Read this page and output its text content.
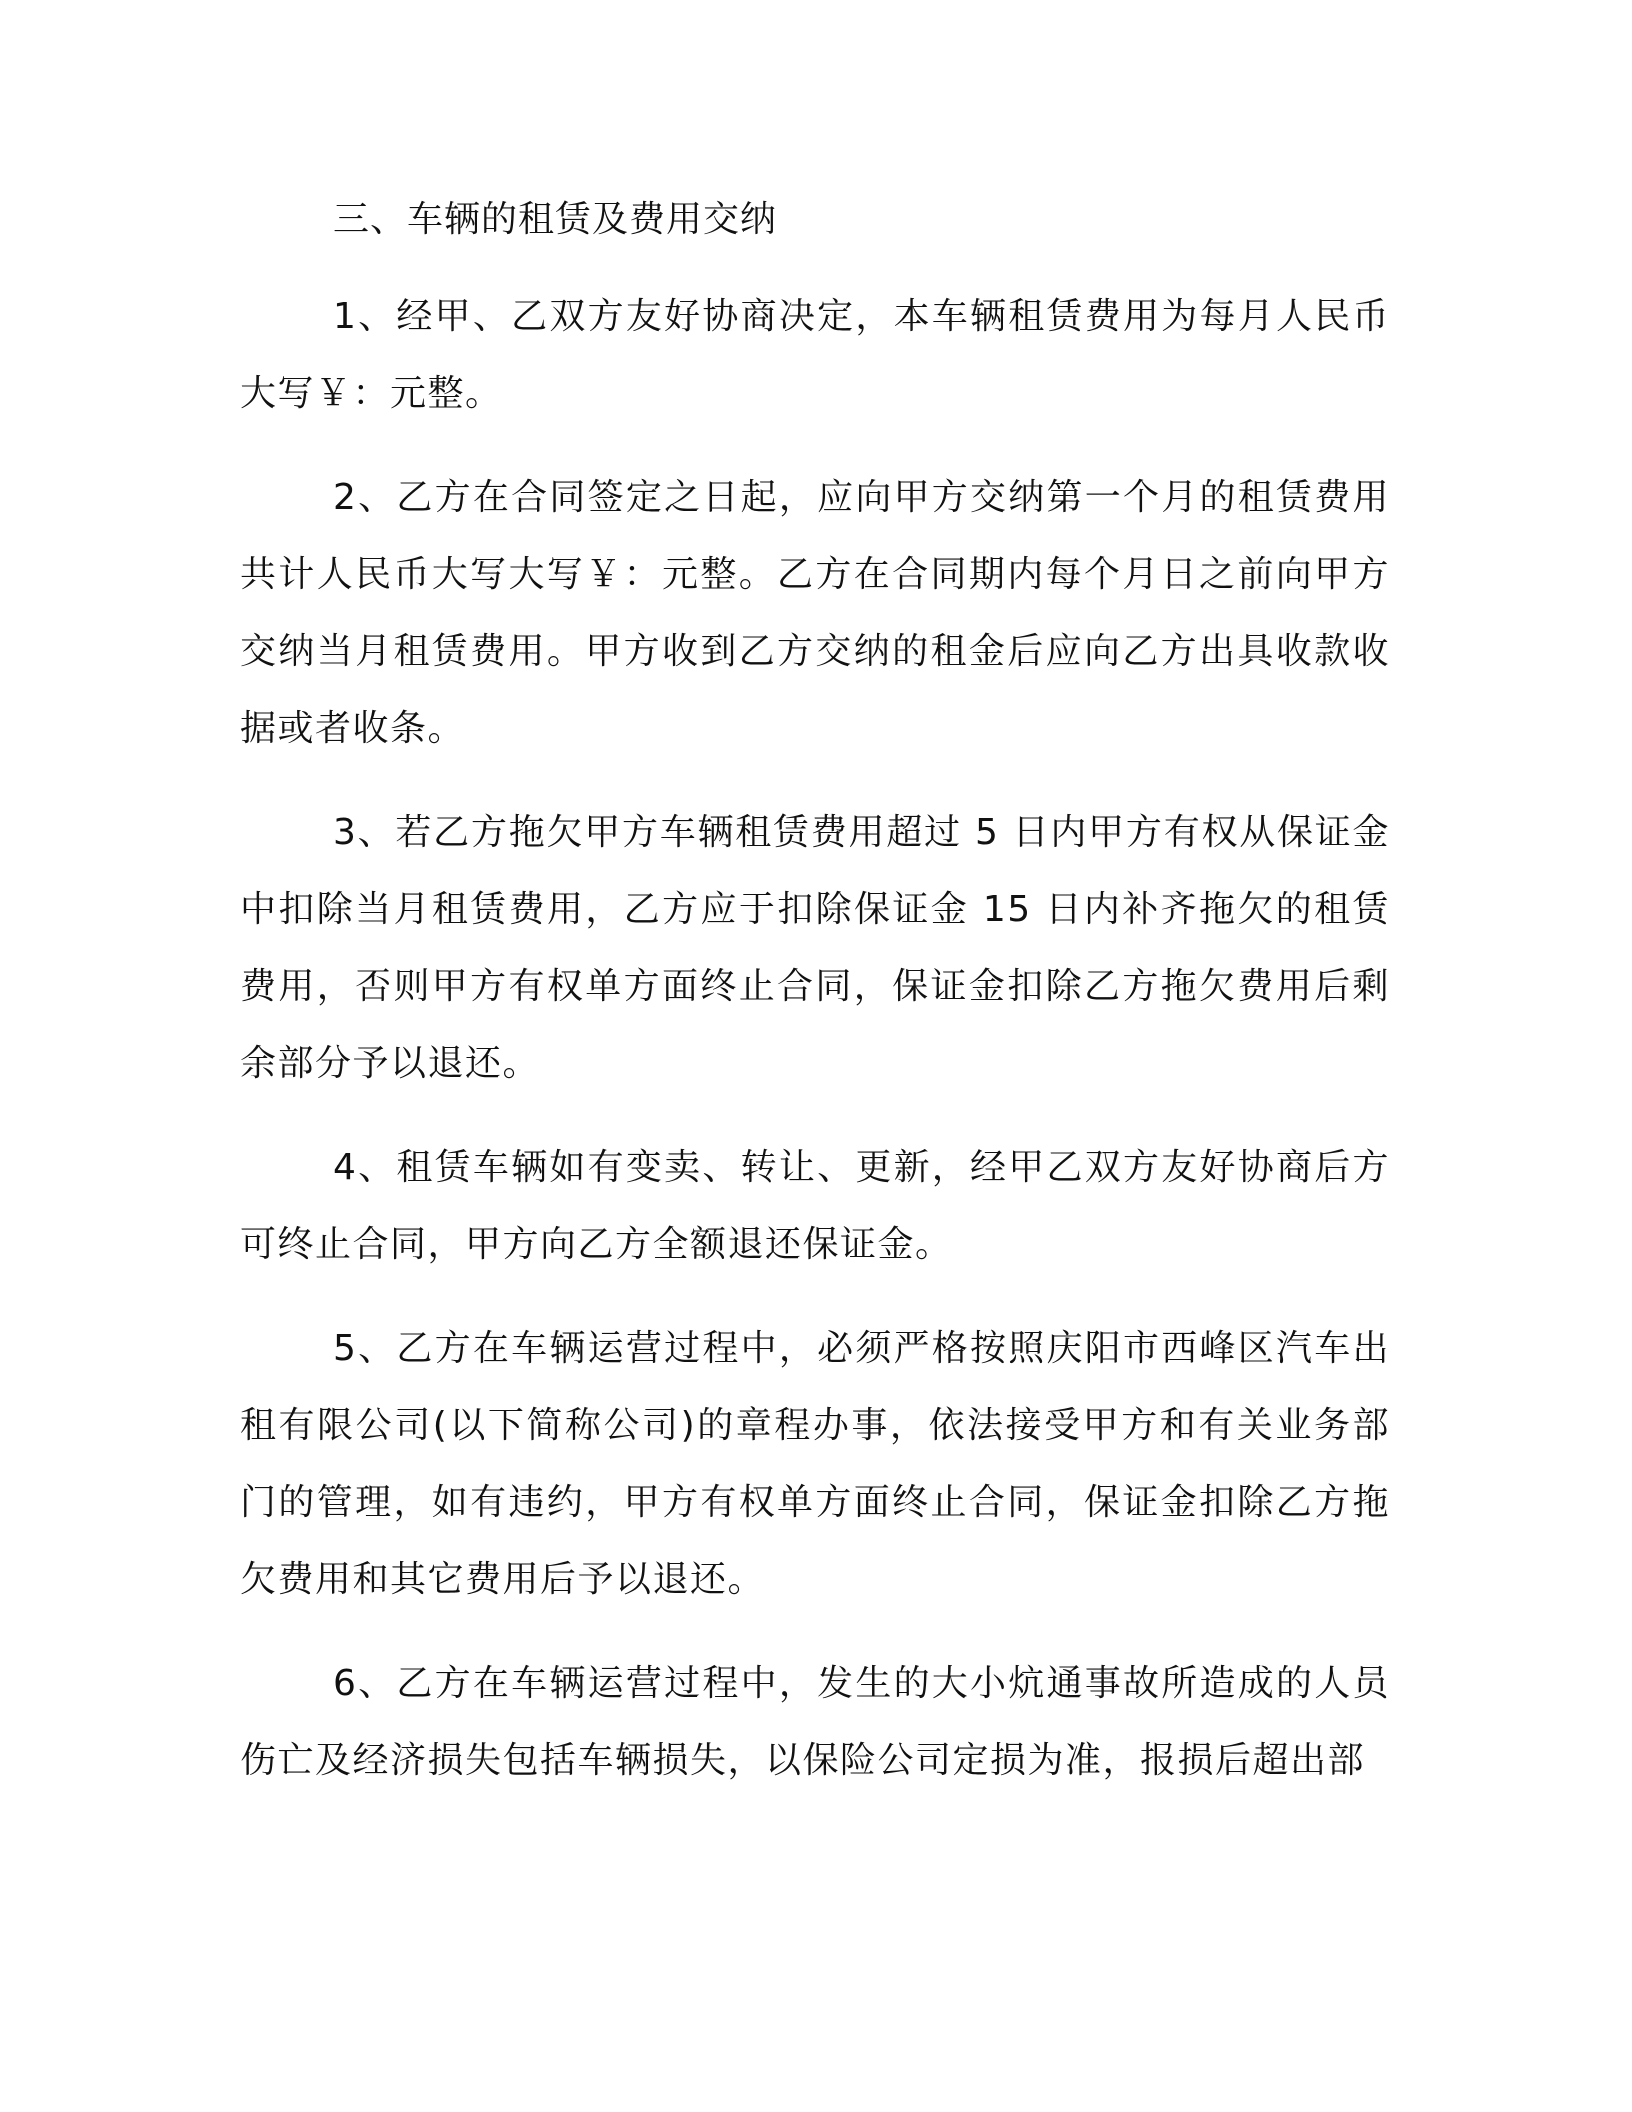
三、车辆的租赁及费用交纳

1、经甲、乙双方友好协商决定，本车辆租赁费用为每月人民币大写￥：元整。

2、乙方在合同签定之日起，应向甲方交纳第一个月的租赁费用共计人民币大写大写￥：元整。乙方在合同期内每个月日之前向甲方交纳当月租赁费用。甲方收到乙方交纳的租金后应向乙方出具收款收据或者收条。

3、若乙方拖欠甲方车辆租赁费用超过 5 日内甲方有权从保证金中扣除当月租赁费用，乙方应于扣除保证金 15 日内补齐拖欠的租赁费用，否则甲方有权单方面终止合同，保证金扣除乙方拖欠费用后剩余部分予以退还。

4、租赁车辆如有变卖、转让、更新，经甲乙双方友好协商后方可终止合同，甲方向乙方全额退还保证金。

5、乙方在车辆运营过程中，必须严格按照庆阳市西峰区汽车出租有限公司(以下简称公司)的章程办事，依法接受甲方和有关业务部门的管理，如有违约，甲方有权单方面终止合同，保证金扣除乙方拖欠费用和其它费用后予以退还。

6、乙方在车辆运营过程中，发生的大小炕通事故所造成的人员伤亡及经济损失包括车辆损失，以保险公司定损为准，报损后超出部
